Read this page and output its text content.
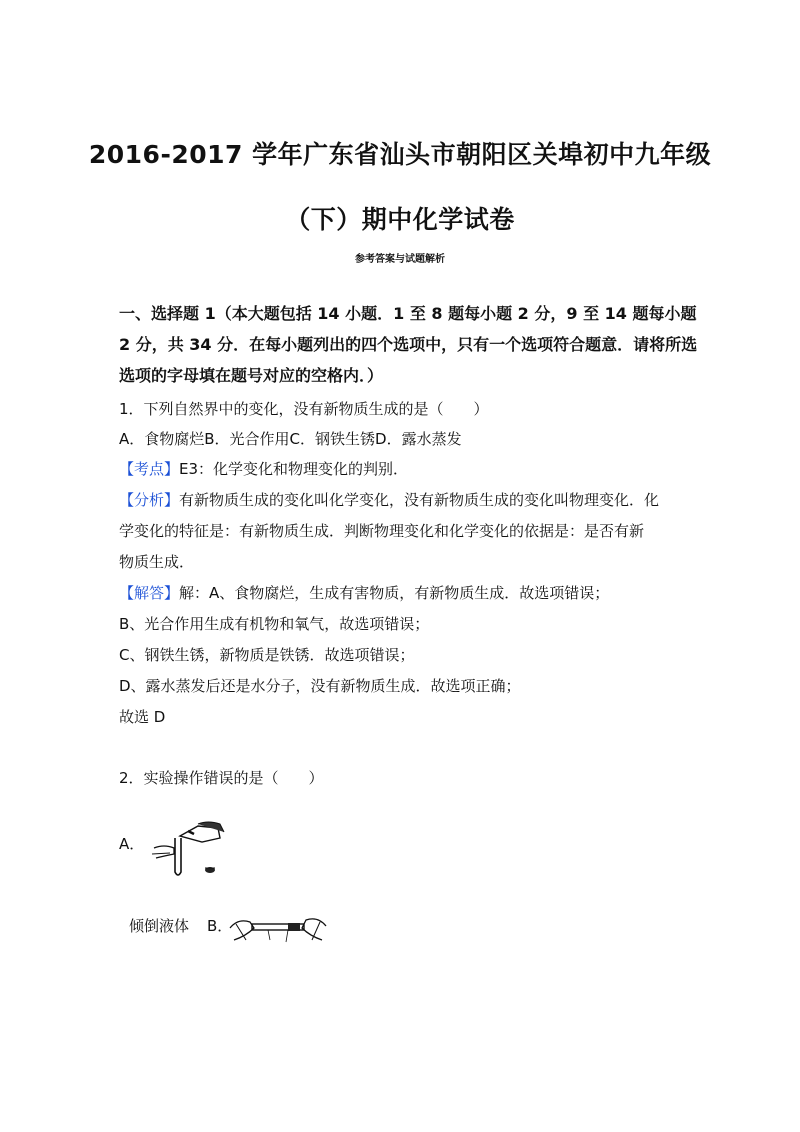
2016-2017 学年广东省汕头市朝阳区关埠初中九年级
（下）期中化学试卷
参考答案与试题解析
一、选择题 1（本大题包括 14 小题．1 至 8 题每小题 2 分，9 至 14 题每小题 2 分，共 34 分．在每小题列出的四个选项中，只有一个选项符合题意．请将所选选项的字母填在题号对应的空格内．）
1．下列自然界中的变化，没有新物质生成的是（　　）
A．食物腐烂B．光合作用C．钢铁生锈D．露水蒸发
【考点】E3：化学变化和物理变化的判别．
【分析】有新物质生成的变化叫化学变化，没有新物质生成的变化叫物理变化．化
学变化的特征是：有新物质生成．判断物理变化和化学变化的依据是：是否有新
物质生成．
【解答】解：A、食物腐烂，生成有害物质，有新物质生成．故选项错误；
B、光合作用生成有机物和氧气，故选项错误；
C、钢铁生锈，新物质是铁锈．故选项错误；
D、露水蒸发后还是水分子，没有新物质生成．故选项正确；
故选 D
2．实验操作错误的是（　　）
A．
倾倒液体 B．
